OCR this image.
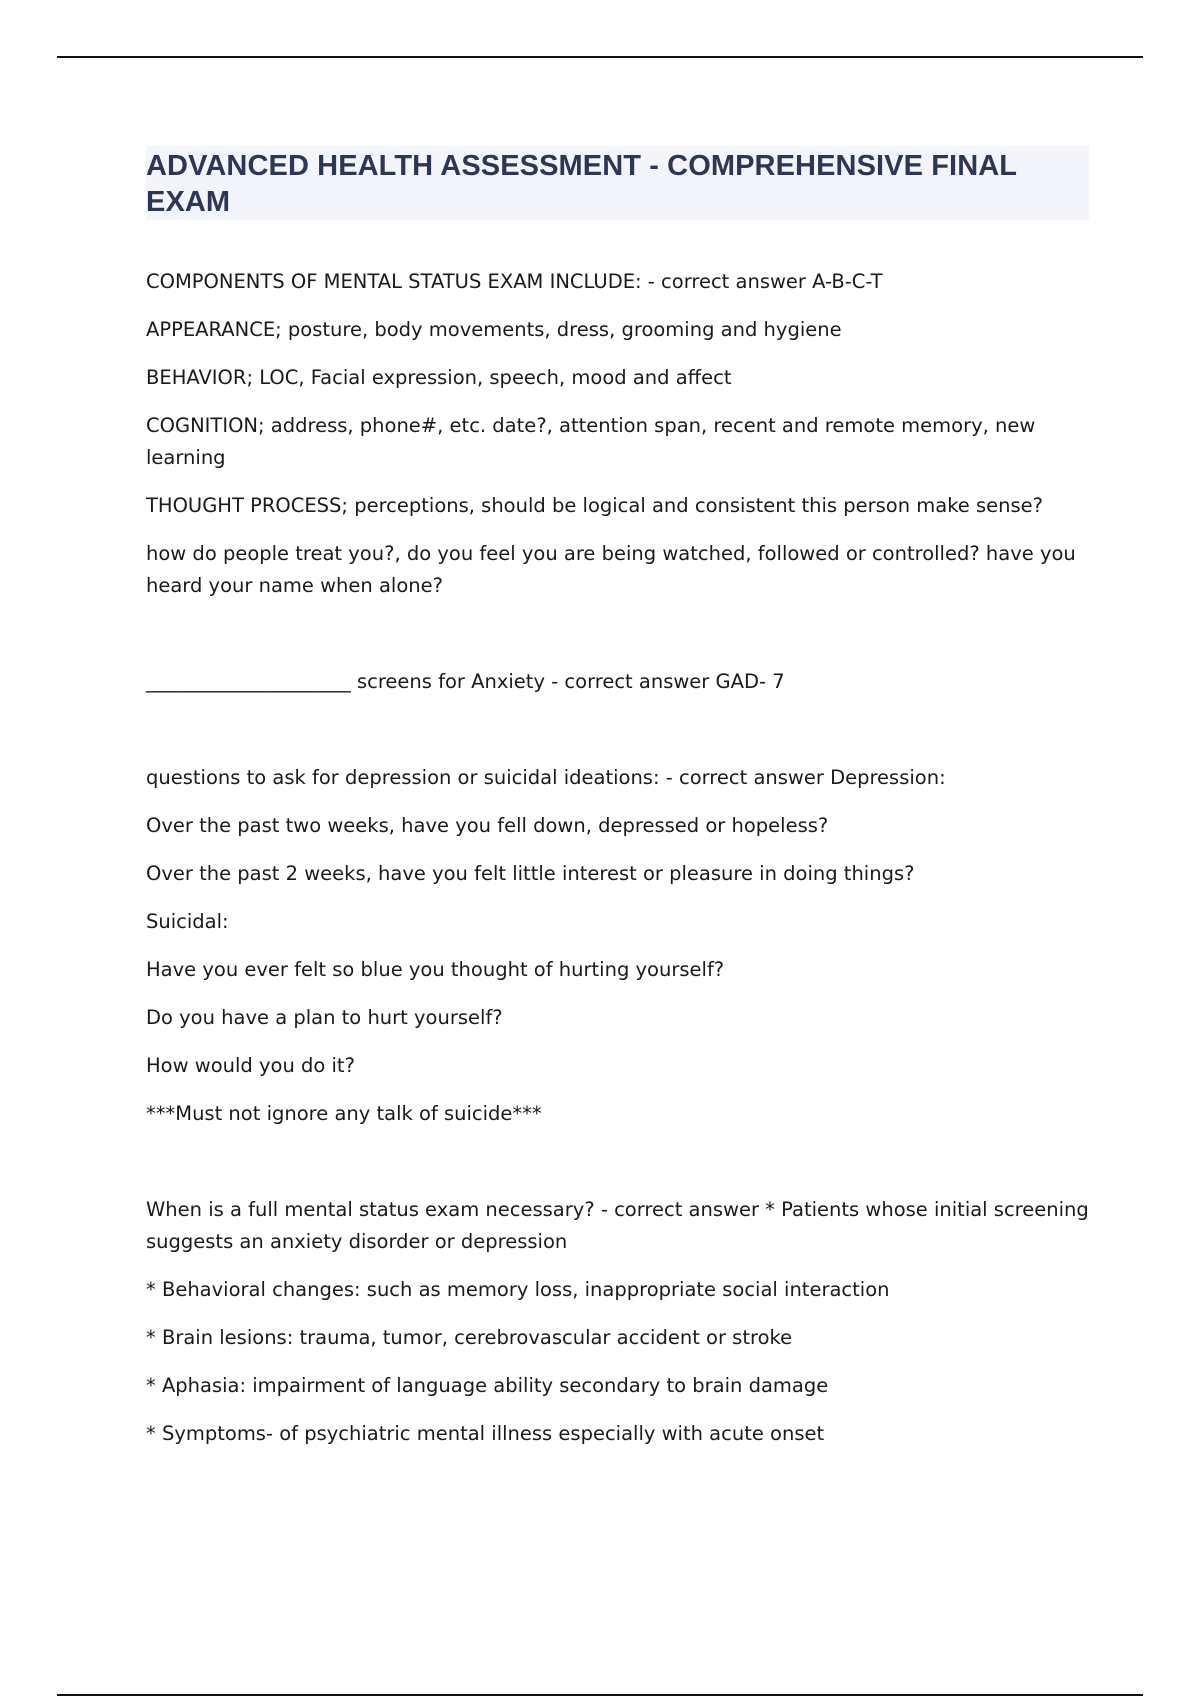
ADVANCED HEALTH ASSESSMENT - COMPREHENSIVE FINAL EXAM

COMPONENTS OF MENTAL STATUS EXAM INCLUDE: - correct answer A-B-C-T

APPEARANCE; posture, body movements, dress, grooming and hygiene

BEHAVIOR; LOC, Facial expression, speech, mood and affect

COGNITION; address, phone#, etc. date?, attention span, recent and remote memory, new learning

THOUGHT PROCESS; perceptions, should be logical and consistent this person make sense?

how do people treat you?, do you feel you are being watched, followed or controlled? have you heard your name when alone?

_____________________ screens for Anxiety - correct answer GAD- 7

questions to ask for depression or suicidal ideations: - correct answer Depression:

Over the past two weeks, have you fell down, depressed or hopeless?

Over the past 2 weeks, have you felt little interest or pleasure in doing things?

Suicidal:

Have you ever felt so blue you thought of hurting yourself?

Do you have a plan to hurt yourself?

How would you do it?

***Must not ignore any talk of suicide***

When is a full mental status exam necessary? - correct answer * Patients whose initial screening suggests an anxiety disorder or depression

* Behavioral changes: such as memory loss, inappropriate social interaction

* Brain lesions: trauma, tumor, cerebrovascular accident or stroke

* Aphasia: impairment of language ability secondary to brain damage

* Symptoms- of psychiatric mental illness especially with acute onset
